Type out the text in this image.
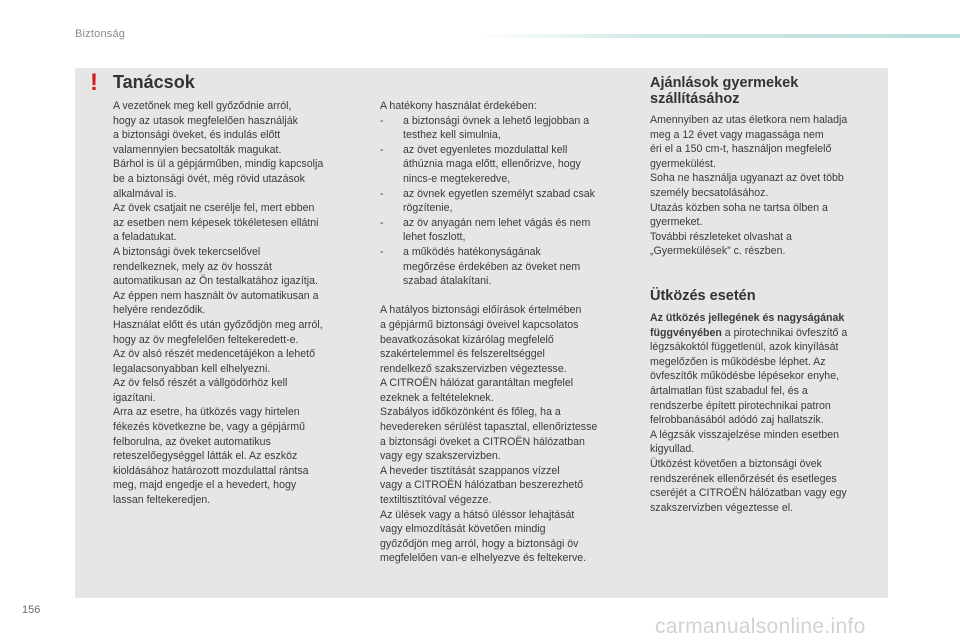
Biztonság
! Tanácsok

A vezetőnek meg kell győződnie arról,

hogy az utasok megfelelően használják

a biztonsági öveket, és indulás előtt

valamennyien becsatolták magukat.

Bárhol is ül a gépjárműben, mindig kapcsolja

be a biztonsági övét, még rövid utazások

alkalmával is.

Az övek csatjait ne cserélje fel, mert ebben

az esetben nem képesek tökéletesen ellátni

a feladatukat.

A biztonsági övek tekercselővel

rendelkeznek, mely az öv hosszát

automatikusan az Ön testalkatához igazítja.

Az éppen nem használt öv automatikusan a

helyére rendeződik.

Használat előtt és után győződjön meg arról,

hogy az öv megfelelően feltekeredett-e.

Az öv alsó részét medencetájékon a lehető

legalacsonyabban kell elhelyezni.

Az öv felső részét a vállgödörhöz kell

igazítani.

Arra az esetre, ha ütközés vagy hirtelen

fékezés következne be, vagy a gépjármű

felborulna, az öveket automatikus

reteszelőegységgel látták el. Az eszköz

kioldásához határozott mozdulattal rántsa

meg, majd engedje el a hevedert, hogy

lassan feltekeredjen.

A hatékony használat érdekében:

- a biztonsági övnek a lehető legjobban a

testhez kell simulnia,

- az övet egyenletes mozdulattal kell

áthúznia maga előtt, ellenőrizve, hogy

nincs-e megtekeredve,

- az övnek egyetlen személyt szabad csak

rögzítenie,

- az öv anyagán nem lehet vágás és nem

lehet foszlott,

- a működés hatékonyságának

megőrzése érdekében az öveket nem

szabad átalakítani.

A hatályos biztonsági előírások értelmében

a gépjármű biztonsági öveivel kapcsolatos

beavatkozásokat kizárólag megfelelő

szakértelemmel és felszereltséggel

rendelkező szakszervizben végeztesse.

A CITROËN hálózat garantáltan megfelel

ezeknek a feltételeknek.

Szabályos időközönként és főleg, ha a

hevedereken sérülést tapasztal, ellenőriztesse

a biztonsági öveket a CITROËN hálózatban

vagy egy szakszervizben.

A heveder tisztítását szappanos vízzel

vagy a CITROËN hálózatban beszerezhető

textiltisztítóval végezze.

Az ülések vagy a hátsó üléssor lehajtását

vagy elmozdítását követően mindig

győződjön meg arról, hogy a biztonsági öv

megfelelően van-e elhelyezve és feltekerve.

Ajánlások gyermekek
szállításához

Amennyiben az utas életkora nem haladja

meg a 12 évet vagy magassága nem

éri el a 150 cm-t, használjon megfelelő

gyermekülést.

Soha ne használja ugyanazt az övet több

személy becsatolásához.

Utazás közben soha ne tartsa ölben a

gyermeket.

További részleteket olvashat a

„Gyermekülések” c. részben.

Ütközés esetén

Az ütközés jellegének és nagyságának

függvényében a pirotechnikai övfeszítő a

légzsákoktól függetlenül, azok kinyílását

megelőzően is működésbe léphet. Az

övfeszítők működésbe lépésekor enyhe,

ártalmatlan füst szabadul fel, és a

rendszerbe épített pirotechnikai patron

felrobbanásából adódó zaj hallatszik.

A légzsák visszajelzése minden esetben

kigyullad.

Ütközést követően a biztonsági övek

rendszerének ellenőrzését és esetleges

cseréjét a CITROËN hálózatban vagy egy

szakszervizben végeztesse el.

156
carmanualsonline.info
